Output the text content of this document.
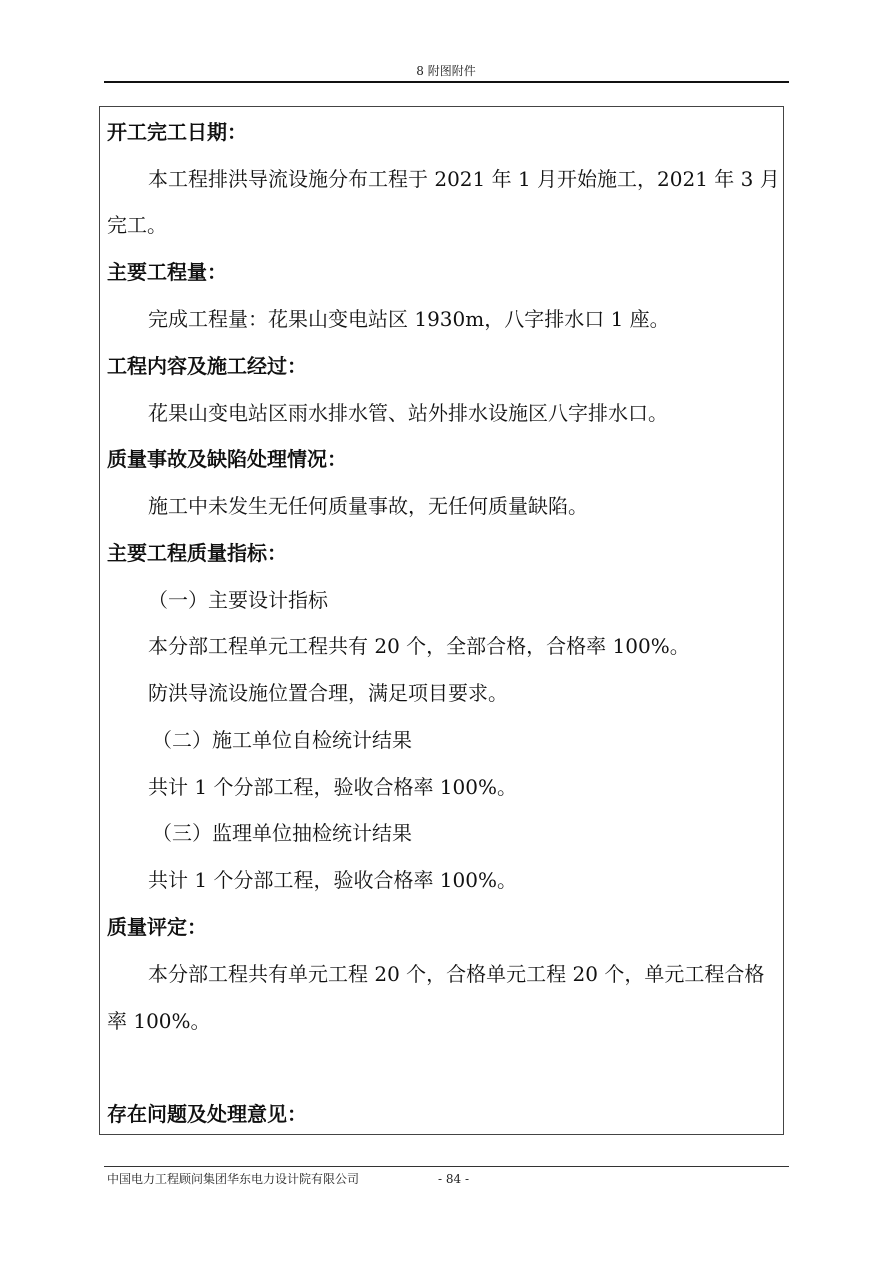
8 附图附件
开工完工日期：
本工程排洪导流设施分布工程于 2021 年 1 月开始施工，2021 年 3 月
完工。
主要工程量：
完成工程量：花果山变电站区 1930m，八字排水口 1 座。
工程内容及施工经过：
花果山变电站区雨水排水管、站外排水设施区八字排水口。
质量事故及缺陷处理情况：
施工中未发生无任何质量事故，无任何质量缺陷。
主要工程质量指标：
（一）主要设计指标
本分部工程单元工程共有 20 个，全部合格，合格率 100%。
防洪导流设施位置合理，满足项目要求。
（二）施工单位自检统计结果
共计 1 个分部工程，验收合格率 100%。
（三）监理单位抽检统计结果
共计 1 个分部工程，验收合格率 100%。
质量评定：
本分部工程共有单元工程 20 个，合格单元工程 20 个，单元工程合格
率 100%。
存在问题及处理意见：
中国电力工程顾问集团华东电力设计院有限公司	- 84 -
